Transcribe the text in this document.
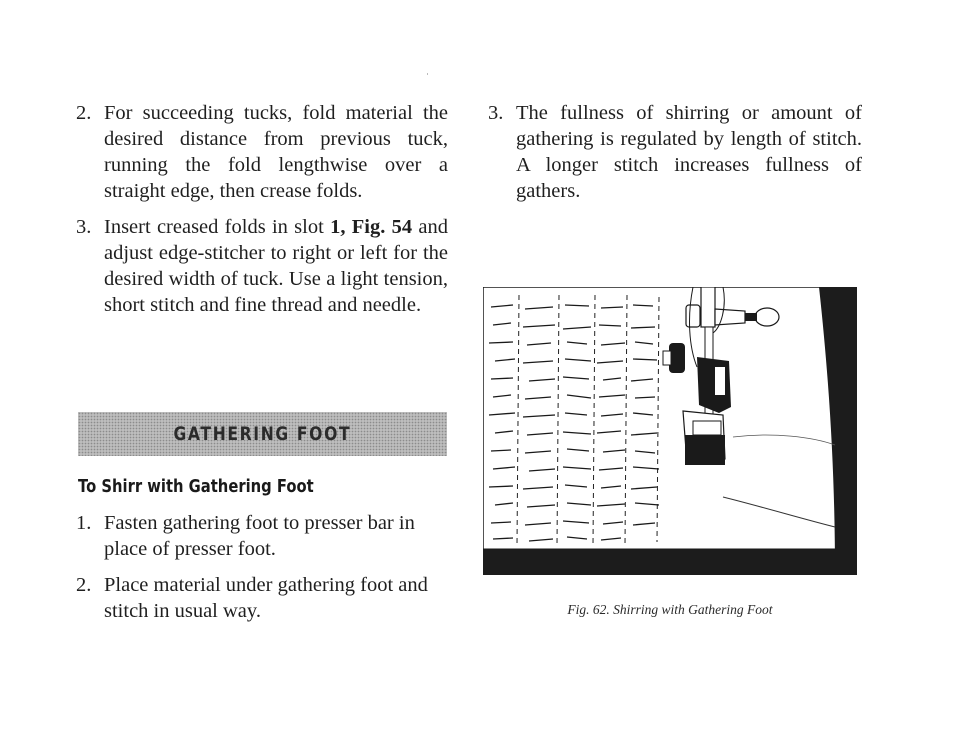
2. For succeeding tucks, fold material the desired distance from previous tuck, running the fold lengthwise over a straight edge, then crease folds.
3. Insert creased folds in slot 1, Fig. 54 and adjust edge-stitcher to right or left for the desired width of tuck. Use a light tension, short stitch and fine thread and needle.
GATHERING FOOT
To Shirr with Gathering Foot
1. Fasten gathering foot to presser bar in place of presser foot.
2. Place material under gathering foot and stitch in usual way.
3. The fullness of shirring or amount of gathering is regulated by length of stitch. A longer stitch increases fullness of gathers.
Fig. 62. Shirring with Gathering Foot
